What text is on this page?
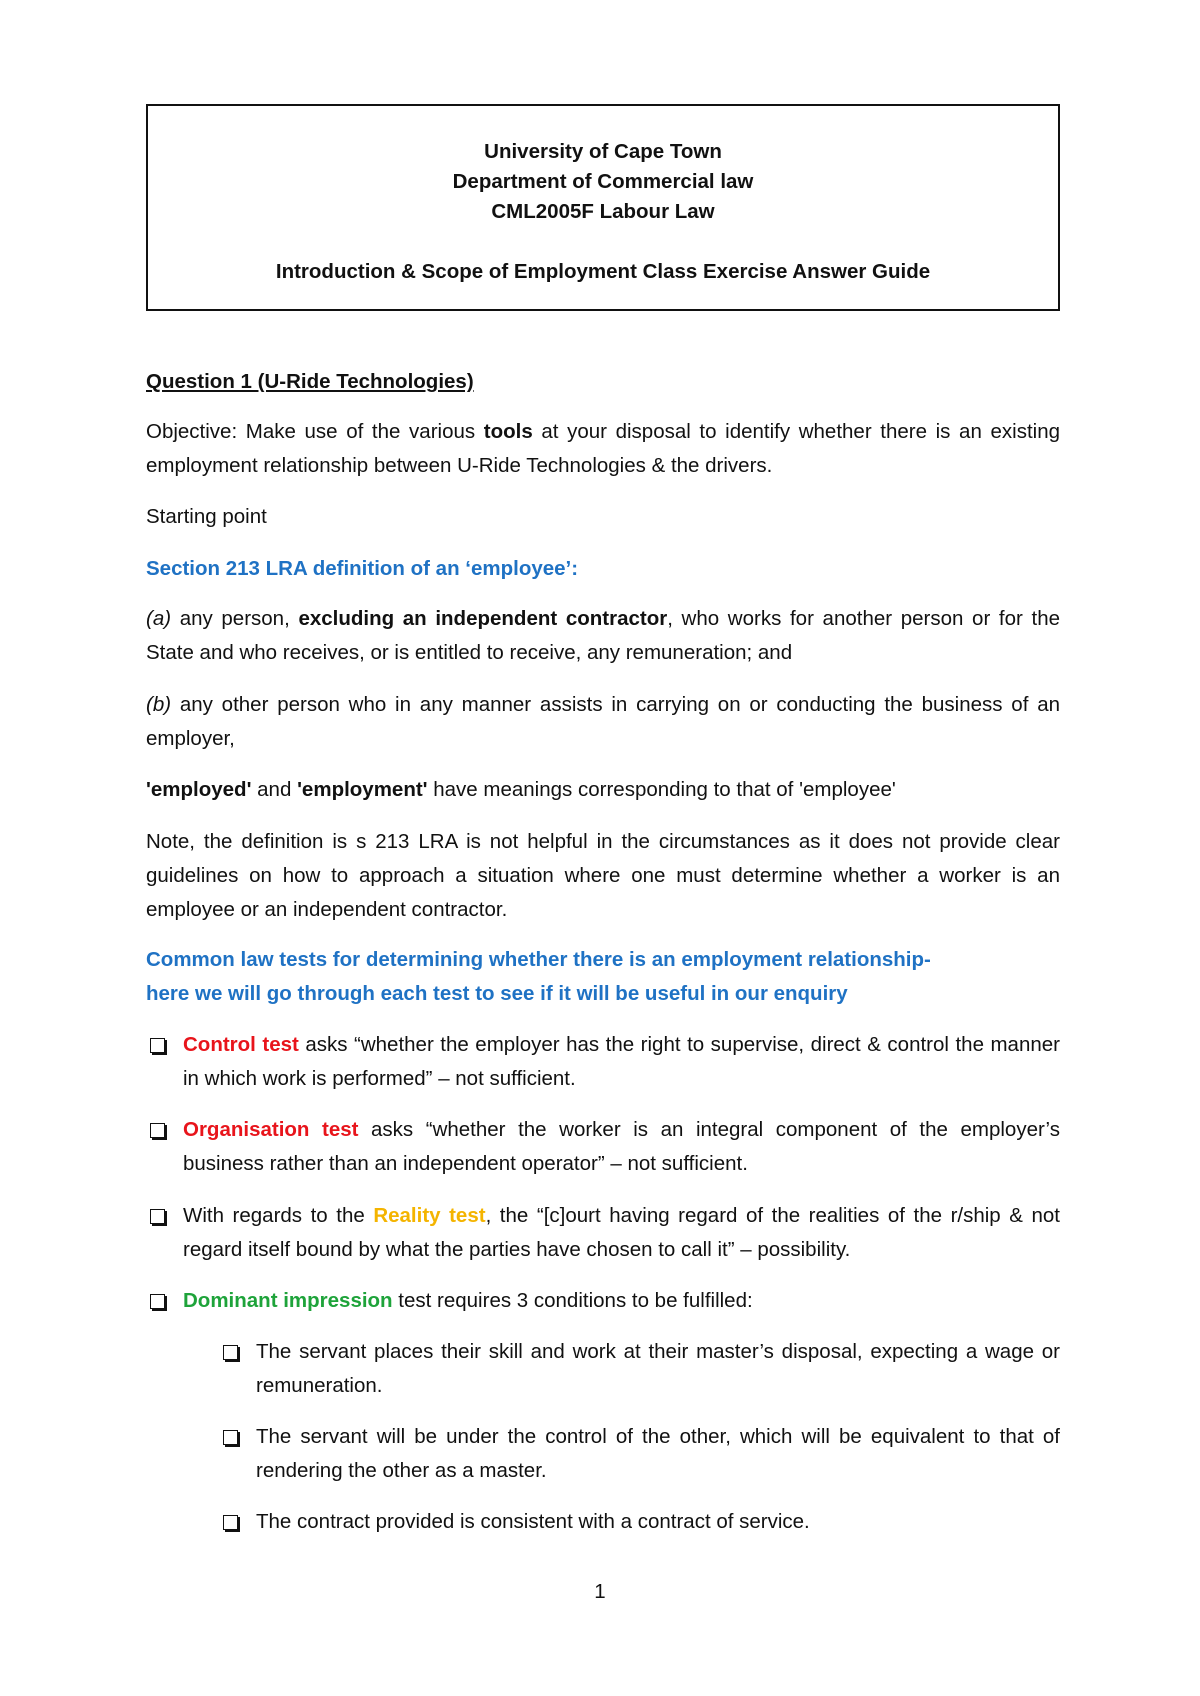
University of Cape Town
Department of Commercial law
CML2005F Labour Law
Introduction & Scope of Employment Class Exercise Answer Guide

Question 1 (U-Ride Technologies)

Objective: Make use of the various tools at your disposal to identify whether there is an existing employment relationship between U-Ride Technologies & the drivers.

Starting point

Section 213 LRA definition of an ‘employee’:

(a) any person, excluding an independent contractor, who works for another person or for the State and who receives, or is entitled to receive, any remuneration; and

(b) any other person who in any manner assists in carrying on or conducting the business of an employer,

'employed' and 'employment' have meanings corresponding to that of 'employee'

Note, the definition is s 213 LRA is not helpful in the circumstances as it does not provide clear guidelines on how to approach a situation where one must determine whether a worker is an employee or an independent contractor.

Common law tests for determining whether there is an employment relationship-
here we will go through each test to see if it will be useful in our enquiry

Control test asks “whether the employer has the right to supervise, direct & control the manner in which work is performed” – not sufficient.

Organisation test asks “whether the worker is an integral component of the employer’s business rather than an independent operator” – not sufficient.

With regards to the Reality test, the “[c]ourt having regard of the realities of the r/ship & not regard itself bound by what the parties have chosen to call it” – possibility.

Dominant impression test requires 3 conditions to be fulfilled:

The servant places their skill and work at their master’s disposal, expecting a wage or remuneration.

The servant will be under the control of the other, which will be equivalent to that of rendering the other as a master.

The contract provided is consistent with a contract of service.

1
